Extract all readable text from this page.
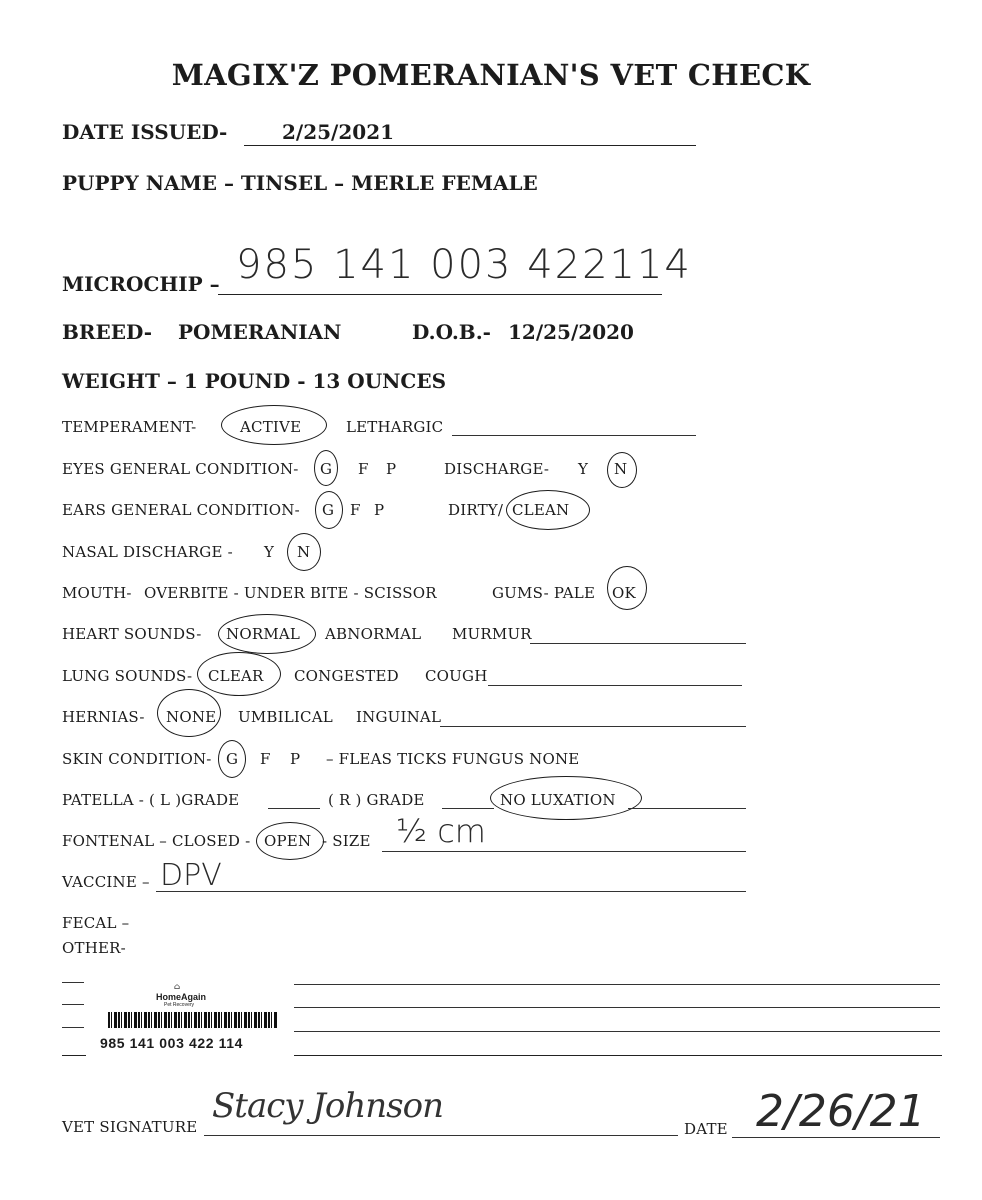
MAGIX'Z POMERANIAN'S VET CHECK
DATE ISSUED-	2/25/2021
PUPPY NAME – TINSEL – MERLE FEMALE
MICROCHIP – 985 141 003 422114
BREED- POMERANIAN	D.O.B.- 12/25/2020
WEIGHT – 1 POUND - 13 OUNCES
TEMPERAMENT-	ACTIVE	LETHARGIC
EYES GENERAL CONDITION- G F P	DISCHARGE- Y N
EARS GENERAL CONDITION- G F P	DIRTY/ CLEAN
NASAL DISCHARGE - Y N
MOUTH- OVERBITE - UNDER BITE - SCISSOR	GUMS- PALE OK
HEART SOUNDS- NORMAL ABNORMAL MURMUR
LUNG SOUNDS- CLEAR CONGESTED COUGH
HERNIAS- NONE UMBILICAL INGUINAL
SKIN CONDITION- G F P – FLEAS TICKS FUNGUS NONE
PATELLA - ( L )GRADE	( R ) GRADE	NO LUXATION
FONTENAL – CLOSED - OPEN - SIZE ½ cm
VACCINE – DPV
FECAL –
OTHER-
⌂
HomeAgain
Pet Recovery
985 141 003 422 114
VET SIGNATURE
Stacy Johnson
DATE 2/26/21
